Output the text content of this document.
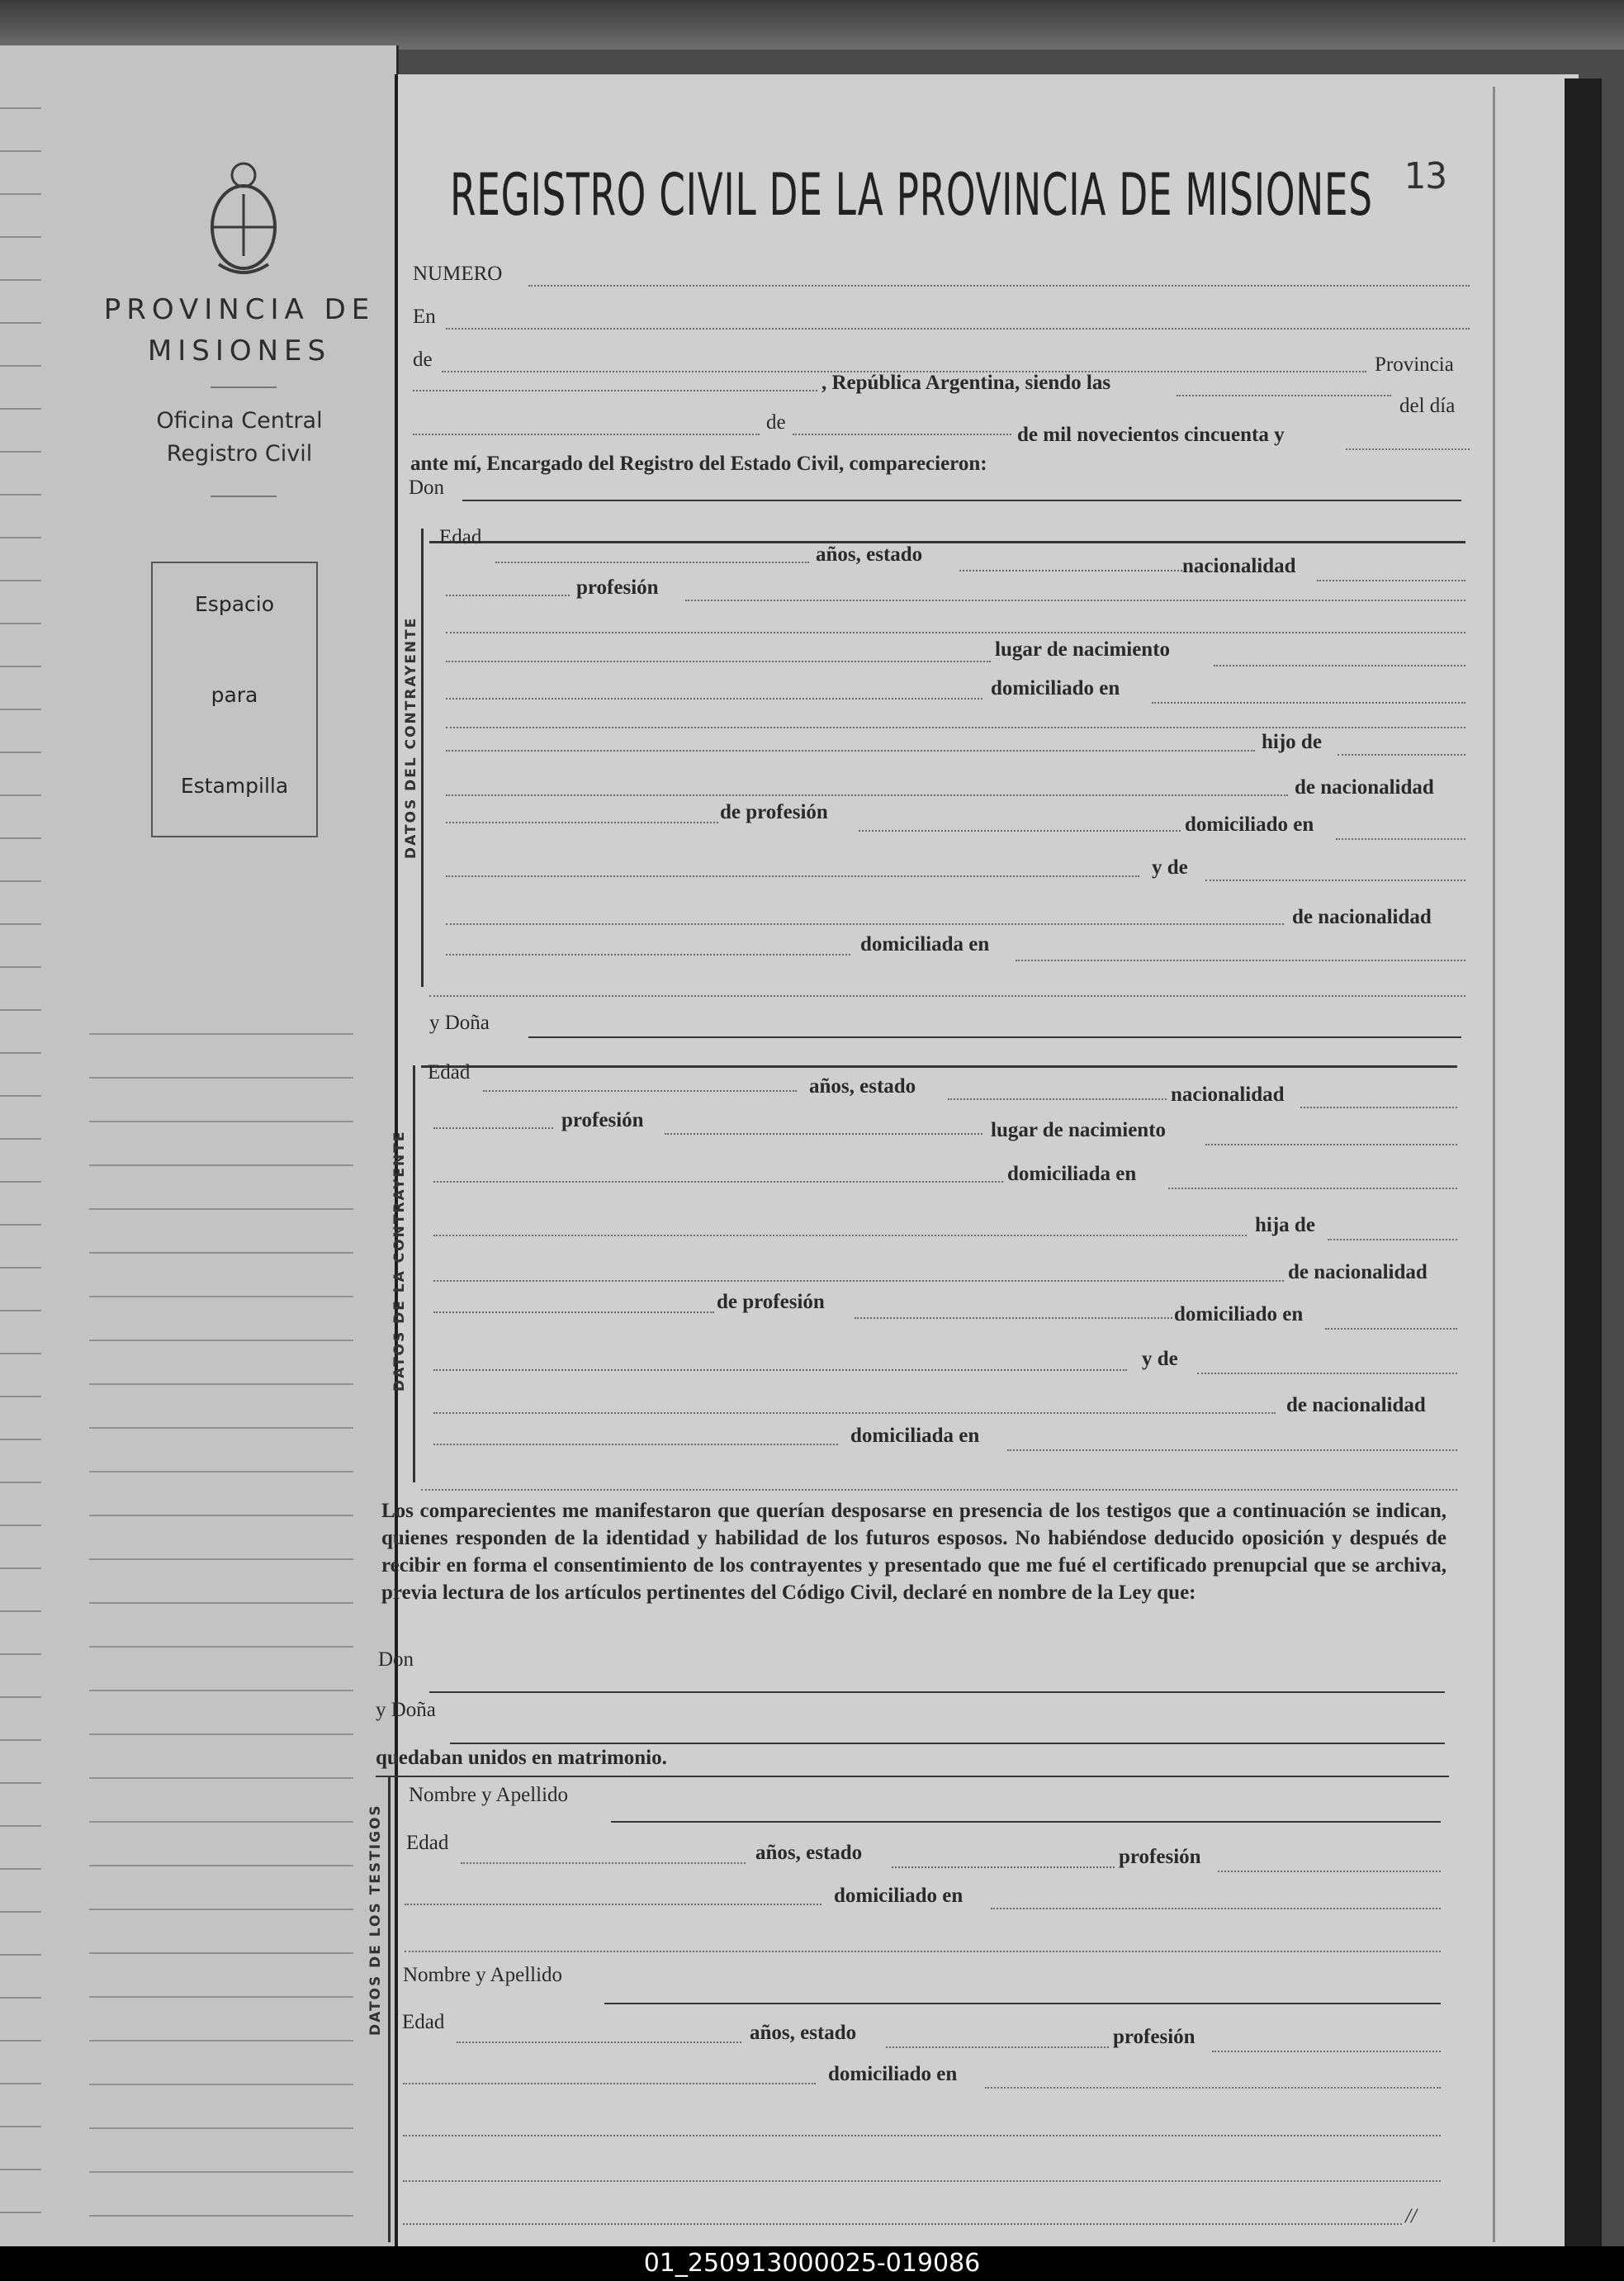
PROVINCIA DE
MISIONES
Oficina Central
Registro Civil
Espacio
para
Estampilla
REGISTRO CIVIL DE LA PROVINCIA DE MISIONES 13
NUMERO
En
de	Provincia
, República Argentina, siendo las
del día
de
de mil novecientos cincuenta y
ante mí, Encargado del Registro del Estado Civil, comparecieron:
Don
DATOS DEL CONTRAYENTE
Edad
años, estado
nacionalidad
profesión
lugar de nacimiento
domiciliado en
hijo de
de nacionalidad
de profesión
domiciliado en
y de
de nacionalidad
domiciliada en
y Doña
DATOS DE LA CONTRAYENTE
Edad
años, estado	nacionalidad
profesión	lugar de nacimiento
domiciliada en
hija de
de nacionalidad
de profesión
domiciliado en
y de
de nacionalidad
domiciliada en
Los comparecientes me manifestaron que querían desposarse en presencia de los testigos que a continuación se indican, quienes responden de la identidad y habilidad de los futuros esposos. No habiéndose deducido oposición y después de recibir en forma el consentimiento de los contrayentes y presentado que me fué el certificado prenupcial que se archiva, previa lectura de los artículos pertinentes del Código Civil, declaré en nombre de la Ley que:
Don
y Doña
quedaban unidos en matrimonio.
DATOS DE LOS TESTIGOS
Nombre y Apellido
Edad	años, estado	profesión
domiciliado en
Nombre y Apellido
Edad	años, estado	profesión
domiciliado en
//
01_250913000025-019086
